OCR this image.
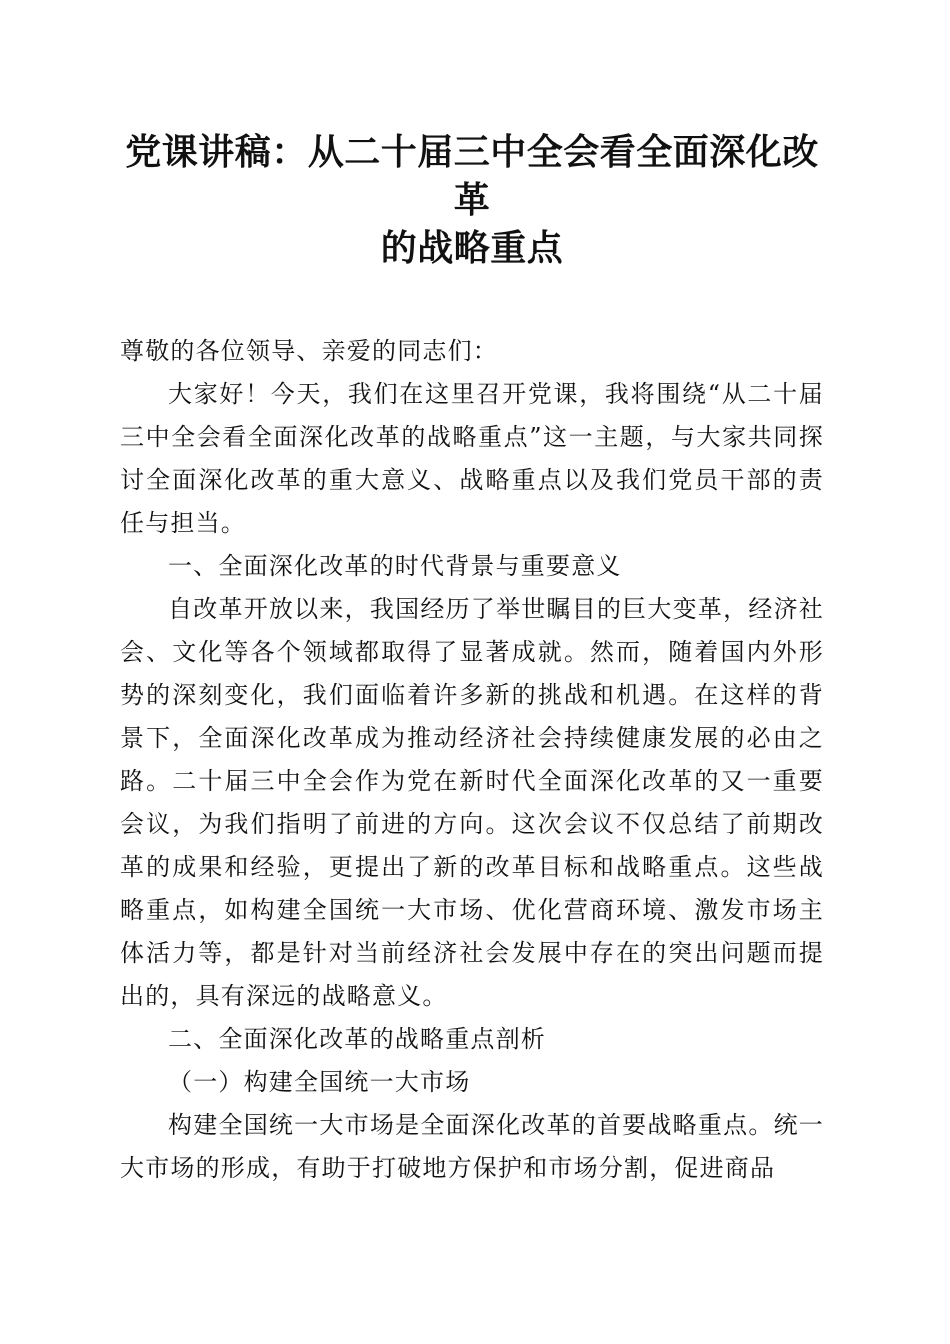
党课讲稿：从二十届三中全会看全面深化改革
的战略重点

尊敬的各位领导、亲爱的同志们：

大家好！今天，我们在这里召开党课，我将围绕“从二十届三中全会看全面深化改革的战略重点”这一主题，与大家共同探讨全面深化改革的重大意义、战略重点以及我们党员干部的责任与担当。

一、全面深化改革的时代背景与重要意义

自改革开放以来，我国经历了举世瞩目的巨大变革，经济社会、文化等各个领域都取得了显著成就。然而，随着国内外形势的深刻变化，我们面临着许多新的挑战和机遇。在这样的背景下，全面深化改革成为推动经济社会持续健康发展的必由之路。二十届三中全会作为党在新时代全面深化改革的又一重要会议，为我们指明了前进的方向。这次会议不仅总结了前期改革的成果和经验，更提出了新的改革目标和战略重点。这些战略重点，如构建全国统一大市场、优化营商环境、激发市场主体活力等，都是针对当前经济社会发展中存在的突出问题而提出的，具有深远的战略意义。

二、全面深化改革的战略重点剖析

（一）构建全国统一大市场

构建全国统一大市场是全面深化改革的首要战略重点。统一大市场的形成，有助于打破地方保护和市场分割，促进商品
